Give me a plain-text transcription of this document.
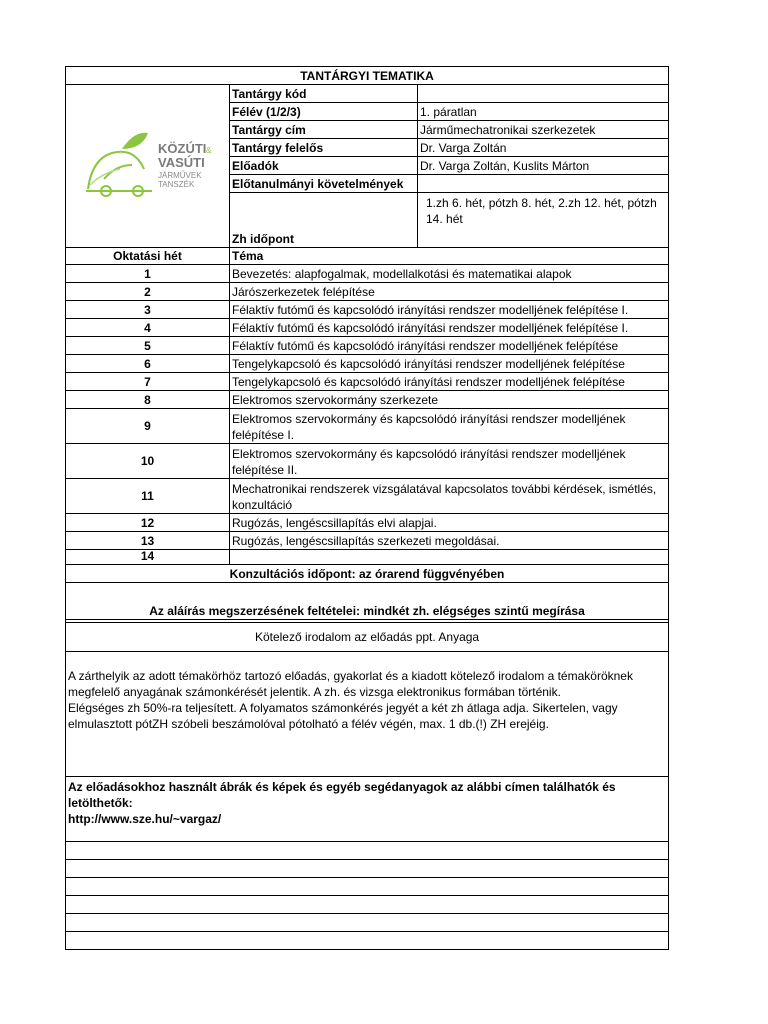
TANTÁRGYI TEMATIKA		

KÖZÚTI &
VASÚTI
JÁRMŰVEK
TANSZÉK	Tantárgy kód	
	Félév (1/2/3)	1. páratlan
	Tantárgy cím	Járműmechatronikai szerkezetek
	Tantárgy felelős	Dr. Varga Zoltán
	Előadók	Dr. Varga Zoltán, Kuslits Márton
	Előtanulmányi követelmények	
	Zh időpont	1.zh 6. hét, pótzh 8. hét, 2.zh 12. hét, pótzh 14. hét
Oktatási hét	Téma	
1	Bevezetés: alapfogalmak, modellalkotási és matematikai alapok	
2	Járószerkezetek felépítése	
3	Félaktív futómű és kapcsolódó irányítási rendszer modelljének felépítése I.	
4	Félaktív futómű és kapcsolódó irányítási rendszer modelljének felépítése I.	
5	Félaktív futómű és kapcsolódó irányítási rendszer modelljének felépítése	
6	Tengelykapcsoló és kapcsolódó irányítási rendszer modelljének felépítése	
7	Tengelykapcsoló és kapcsolódó irányítási rendszer modelljének felépítése	
8	Elektromos szervokormány szerkezete	
9	Elektromos szervokormány és kapcsolódó irányítási rendszer modelljének felépítése I.	
10	Elektromos szervokormány és kapcsolódó irányítási rendszer modelljének felépítése II.	
11	Mechatronikai rendszerek vizsgálatával kapcsolatos további kérdések, ismétlés, konzultáció	
12	Rugózás, lengéscsillapítás elvi alapjai.	
13	Rugózás, lengéscsillapítás szerkezeti megoldásai.	
14		
Konzultációs időpont: az órarend függvényében		
Az aláírás megszerzésének feltételei: mindkét zh. elégséges szintű megírása		

Kötelező irodalom az előadás ppt. Anyaga		

A zárthelyik az adott témakörhöz tartozó előadás, gyakorlat és a kiadott kötelező irodalom a témaköröknek megfelelő anyagának számonkérését jelentik. A zh. és vizsga elektronikus formában történik.
Elégséges zh 50%-ra teljesített. A folyamatos számonkérés jegyét a két zh átlaga adja. Sikertelen, vagy elmulasztott pótZH szóbeli beszámolóval pótolható a félév végén, max. 1 db.(!) ZH erejéig.		

Az előadásokhoz használt ábrák és képek és egyéb segédanyagok az alábbi címen találhatók és letölthetők:
http://www.sze.hu/~vargaz/		
